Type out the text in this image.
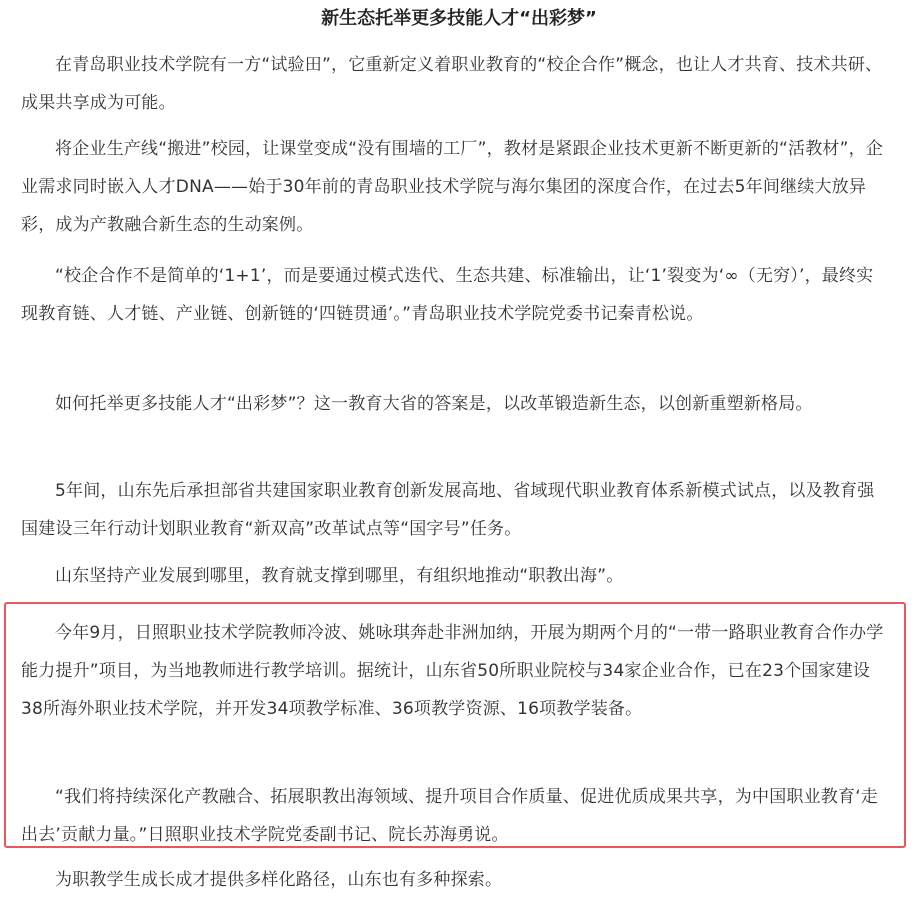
新生态托举更多技能人才“出彩梦”

在青岛职业技术学院有一方“试验田”，它重新定义着职业教育的“校企合作”概念，也让人才共育、技术共研、成果共享成为可能。

将企业生产线“搬进”校园，让课堂变成“没有围墙的工厂”，教材是紧跟企业技术更新不断更新的“活教材”，企业需求同时嵌入人才DNA——始于30年前的青岛职业技术学院与海尔集团的深度合作，在过去5年间继续大放异彩，成为产教融合新生态的生动案例。

“校企合作不是简单的‘1+1’，而是要通过模式迭代、生态共建、标准输出，让‘1’裂变为‘∞（无穷）’，最终实现教育链、人才链、产业链、创新链的‘四链贯通’。”青岛职业技术学院党委书记秦青松说。

如何托举更多技能人才“出彩梦”？这一教育大省的答案是，以改革锻造新生态，以创新重塑新格局。

5年间，山东先后承担部省共建国家职业教育创新发展高地、省域现代职业教育体系新模式试点，以及教育强国建设三年行动计划职业教育“新双高”改革试点等“国字号”任务。

山东坚持产业发展到哪里，教育就支撑到哪里，有组织地推动“职教出海”。

今年9月，日照职业技术学院教师冷波、姚咏琪奔赴非洲加纳，开展为期两个月的“一带一路职业教育合作办学能力提升”项目，为当地教师进行教学培训。据统计，山东省50所职业院校与34家企业合作，已在23个国家建设38所海外职业技术学院，并开发34项教学标准、36项教学资源、16项教学装备。

“我们将持续深化产教融合、拓展职教出海领域、提升项目合作质量、促进优质成果共享，为中国职业教育‘走出去’贡献力量。”日照职业技术学院党委副书记、院长苏海勇说。

为职教学生成长成才提供多样化路径，山东也有多种探索。
